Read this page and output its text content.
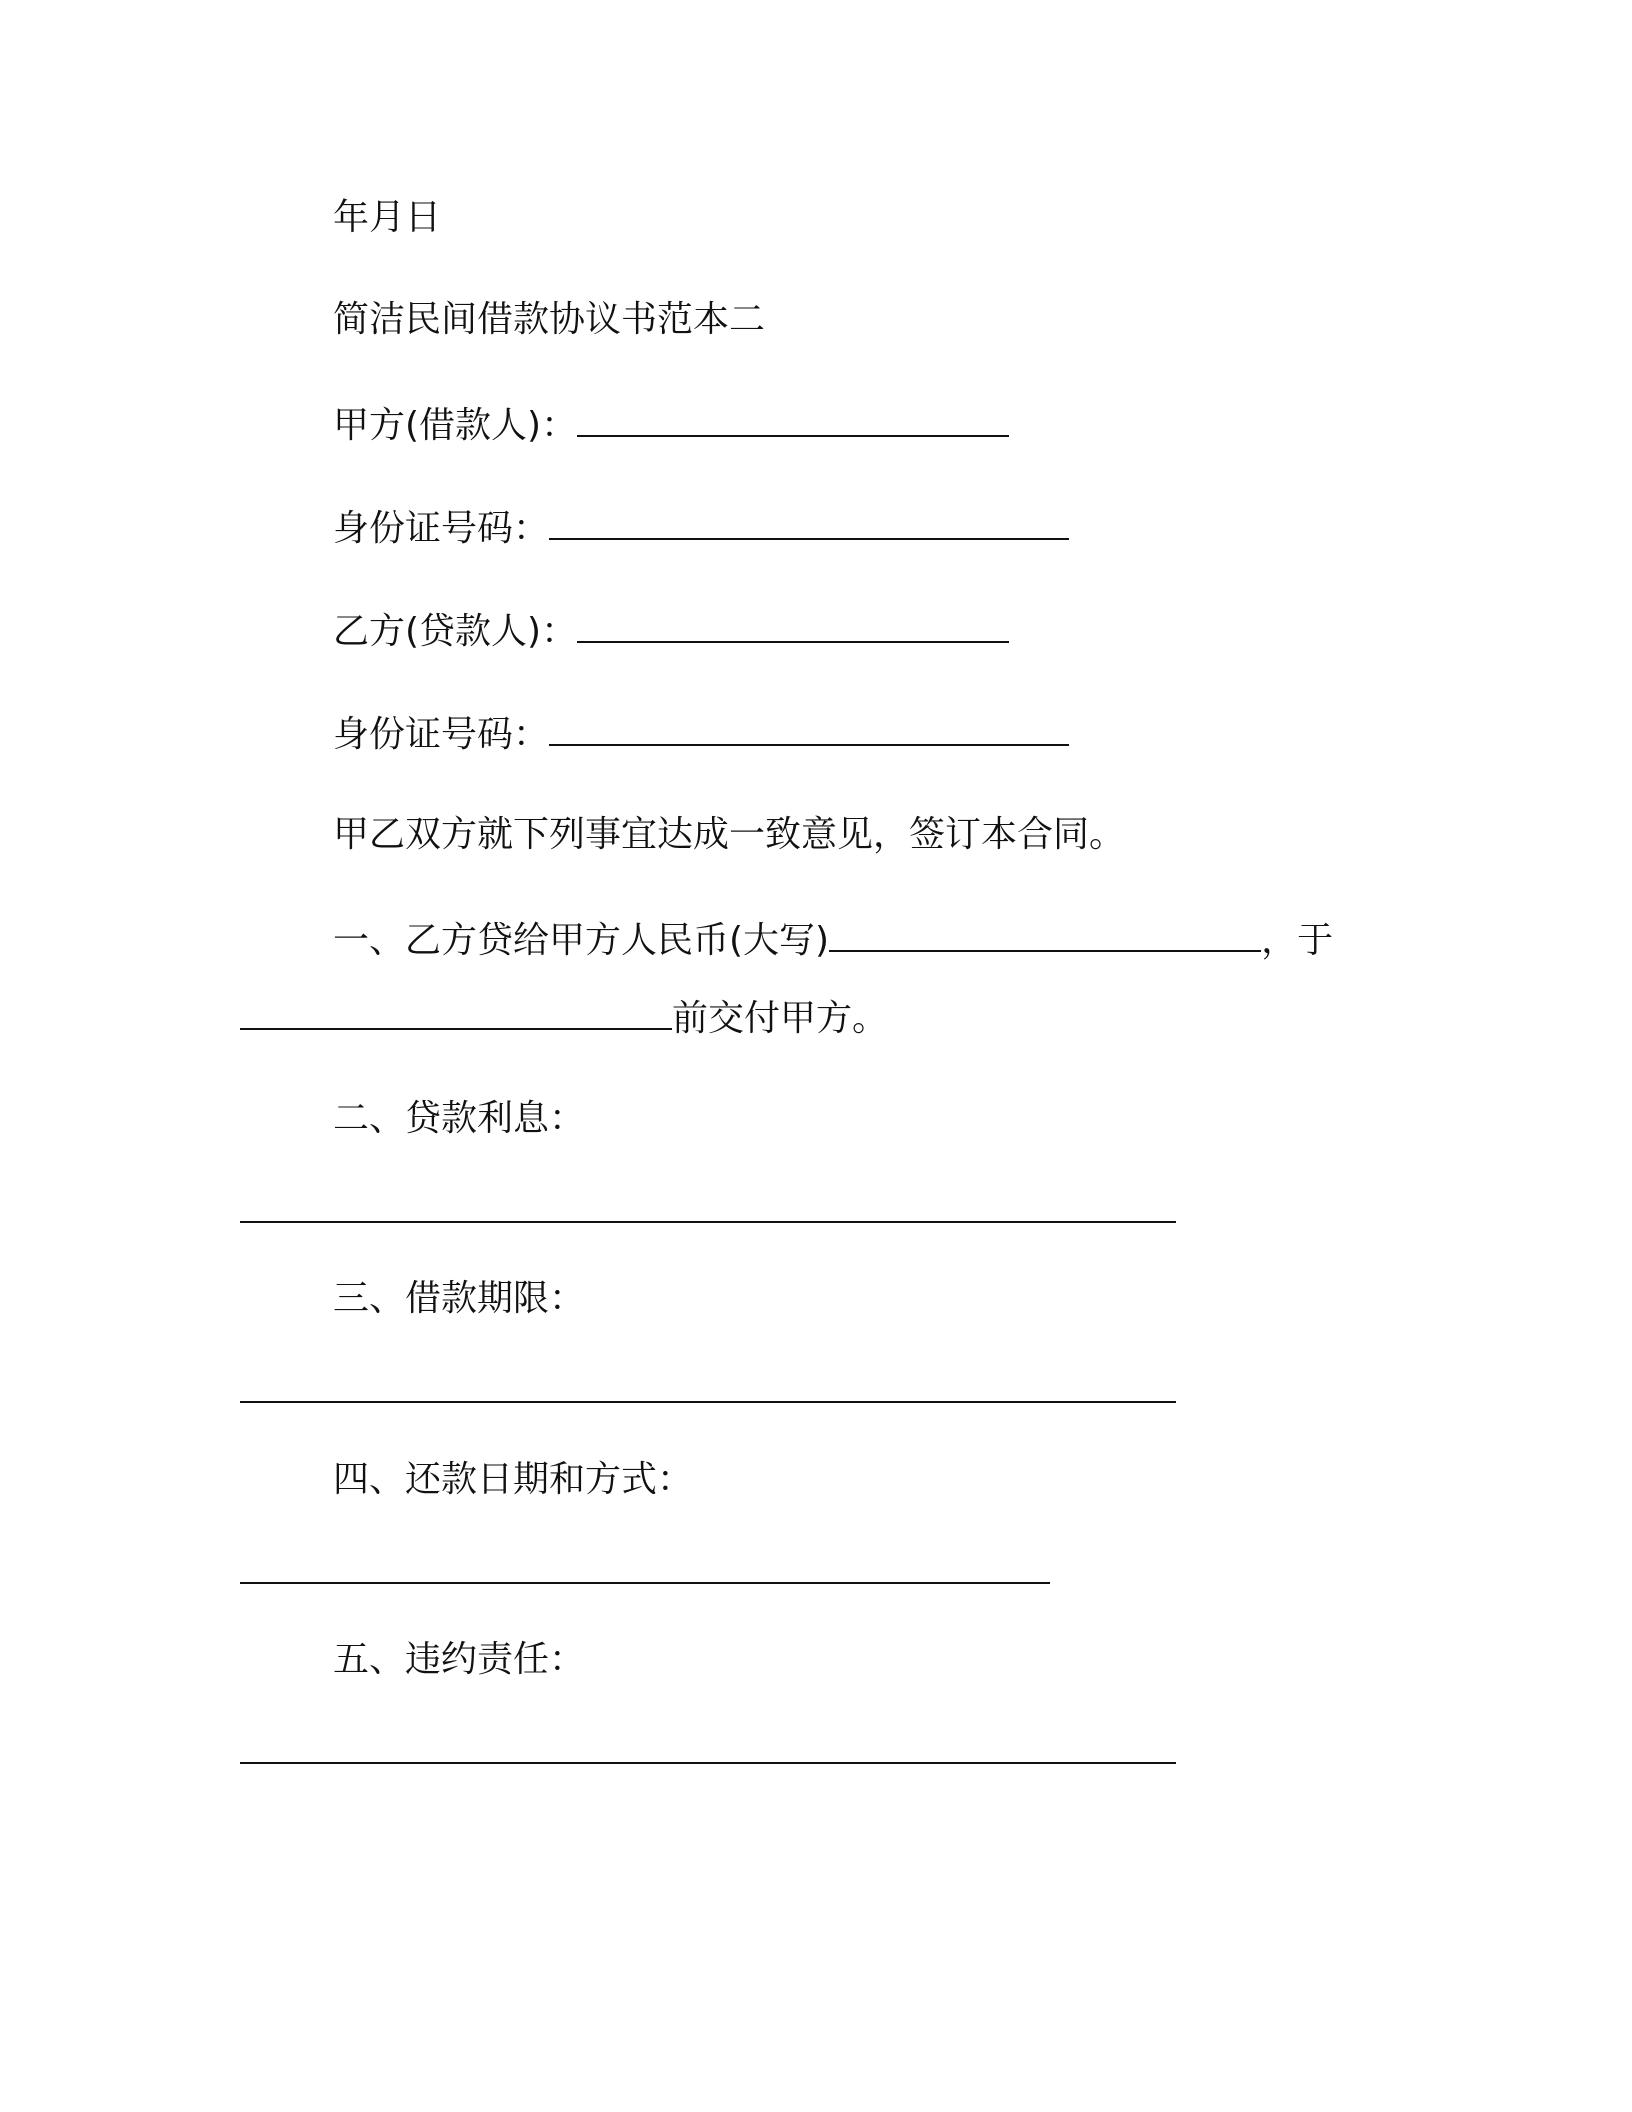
年月日
简洁民间借款协议书范本二
甲方(借款人)：
身份证号码：
乙方(贷款人)：
身份证号码：
甲乙双方就下列事宜达成一致意见，签订本合同。
一、乙方贷给甲方人民币(大写)	，于
前交付甲方。
二、贷款利息：
三、借款期限：
四、还款日期和方式：
五、违约责任：
